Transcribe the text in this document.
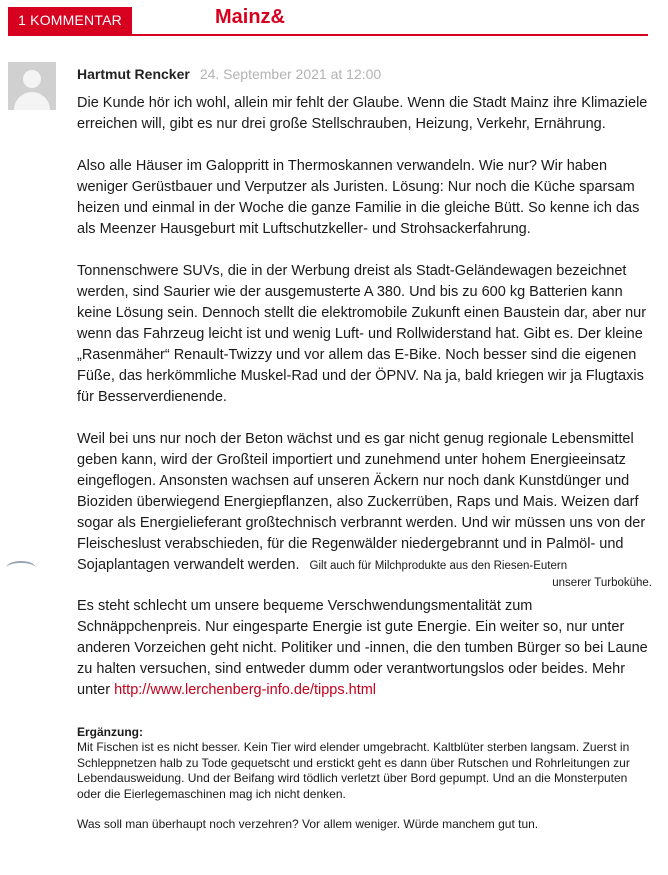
1 KOMMENTAR	Mainz&
Hartmut Rencker 24. September 2021 at 12:00

Die Kunde hör ich wohl, allein mir fehlt der Glaube. Wenn die Stadt Mainz ihre Klimaziele erreichen will, gibt es nur drei große Stellschrauben, Heizung, Verkehr, Ernährung.

Also alle Häuser im Galoppritt in Thermoskannen verwandeln. Wie nur? Wir haben weniger Gerüstbauer und Verputzer als Juristen. Lösung: Nur noch die Küche sparsam heizen und einmal in der Woche die ganze Familie in die gleiche Bütt. So kenne ich das als Meenzer Hausgeburt mit Luftschutzkeller- und Strohsackerfahrung.

Tonnenschwere SUVs, die in der Werbung dreist als Stadt-Geländewagen bezeichnet werden, sind Saurier wie der ausgemusterte A 380. Und bis zu 600 kg Batterien kann keine Lösung sein. Dennoch stellt die elektromobile Zukunft einen Baustein dar, aber nur wenn das Fahrzeug leicht ist und wenig Luft- und Rollwiderstand hat. Gibt es. Der kleine „Rasenmäher“ Renault-Twizzy und vor allem das E-Bike. Noch besser sind die eigenen Füße, das herkömmliche Muskel-Rad und der ÖPNV. Na ja, bald kriegen wir ja Flugtaxis für Besserverdienende.

Weil bei uns nur noch der Beton wächst und es gar nicht genug regionale Lebensmittel geben kann, wird der Großteil importiert und zunehmend unter hohem Energieeinsatz eingeflogen. Ansonsten wachsen auf unseren Äckern nur noch dank Kunstdünger und Bioziden überwiegend Energiepflanzen, also Zuckerrüben, Raps und Mais. Weizen darf sogar als Energielieferant großtechnisch verbrannt werden. Und wir müssen uns von der Fleischeslust verabschieden, für die Regenwälder niedergebrannt und in Palmöl- und Sojaplantagen verwandelt werden. Gilt auch für Milchprodukte aus den Riesen-Eutern
unserer Turbokühe.

Es steht schlecht um unsere bequeme Verschwendungsmentalität zum Schnäppchenpreis. Nur eingesparte Energie ist gute Energie. Ein weiter so, nur unter anderen Vorzeichen geht nicht. Politiker und -innen, die den tumben Bürger so bei Laune zu halten versuchen, sind entweder dumm oder verantwortungslos oder beides. Mehr unter http://www.lerchenberg-info.de/tipps.html

Ergänzung:
Mit Fischen ist es nicht besser. Kein Tier wird elender umgebracht. Kaltblüter sterben langsam. Zuerst in Schleppnetzen halb zu Tode gequetscht und erstickt geht es dann über Rutschen und Rohrleitungen zur Lebendausweidung. Und der Beifang wird tödlich verletzt über Bord gepumpt. Und an die Monsterputen oder die Eierlegemaschinen mag ich nicht denken.
Was soll man überhaupt noch verzehren? Vor allem weniger. Würde manchem gut tun.
